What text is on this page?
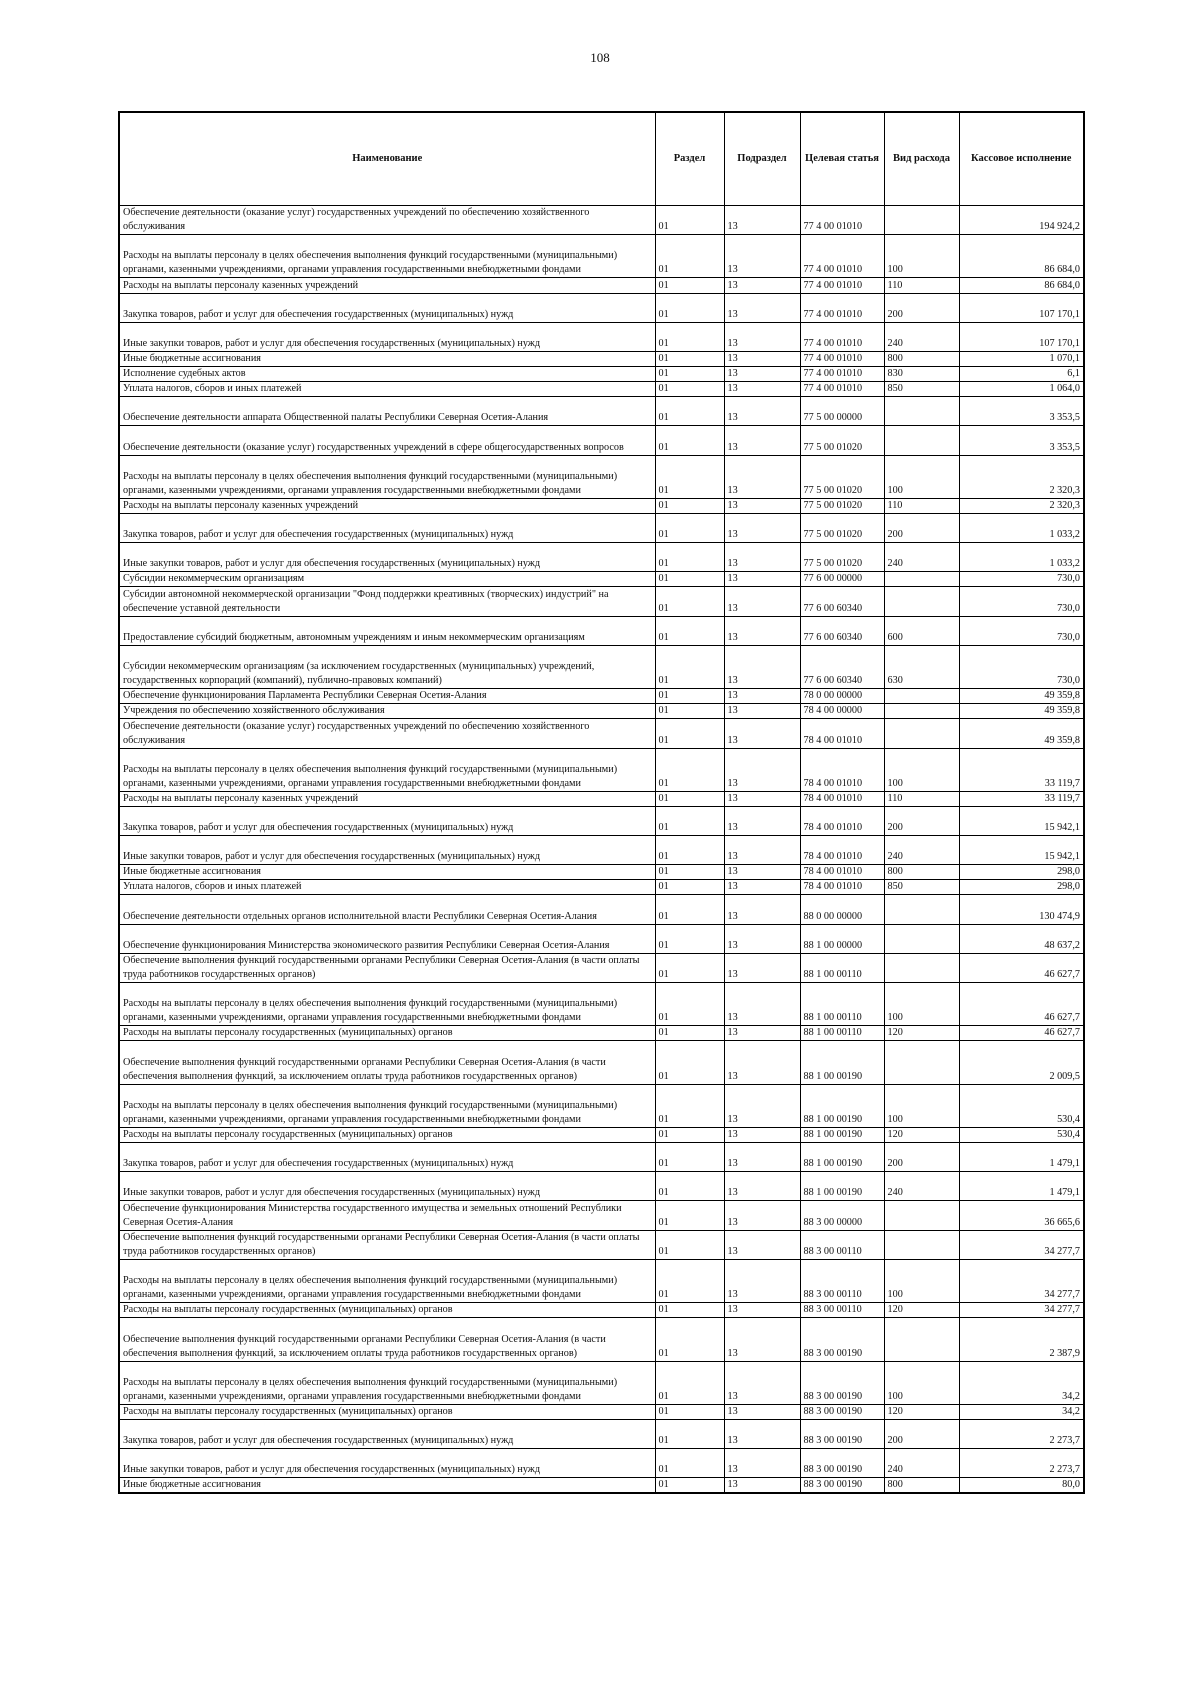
108
Наименование	Раздел	Подраздел	Целевая статья	Вид расхода	Кассовое исполнение
Обеспечение деятельности (оказание услуг) государственных учреждений по обеспечению хозяйственного обслуживания	01	13	77 4 00 01010		194 924,2
Расходы на выплаты персоналу в целях обеспечения выполнения функций государственными (муниципальными) органами, казенными учреждениями, органами управления государственными внебюджетными фондами	01	13	77 4 00 01010	100	86 684,0
Расходы на выплаты персоналу казенных учреждений	01	13	77 4 00 01010	110	86 684,0
Закупка товаров, работ и услуг для обеспечения государственных (муниципальных) нужд	01	13	77 4 00 01010	200	107 170,1
Иные закупки товаров, работ и услуг для обеспечения государственных (муниципальных) нужд	01	13	77 4 00 01010	240	107 170,1
Иные бюджетные ассигнования	01	13	77 4 00 01010	800	1 070,1
Исполнение судебных актов	01	13	77 4 00 01010	830	6,1
Уплата налогов, сборов и иных платежей	01	13	77 4 00 01010	850	1 064,0
Обеспечение деятельности аппарата Общественной палаты Республики Северная Осетия-Алания	01	13	77 5 00 00000		3 353,5
Обеспечение деятельности (оказание услуг) государственных учреждений в сфере общегосударственных вопросов	01	13	77 5 00 01020		3 353,5
Расходы на выплаты персоналу в целях обеспечения выполнения функций государственными (муниципальными) органами, казенными учреждениями, органами управления государственными внебюджетными фондами	01	13	77 5 00 01020	100	2 320,3
Расходы на выплаты персоналу казенных учреждений	01	13	77 5 00 01020	110	2 320,3
Закупка товаров, работ и услуг для обеспечения государственных (муниципальных) нужд	01	13	77 5 00 01020	200	1 033,2
Иные закупки товаров, работ и услуг для обеспечения государственных (муниципальных) нужд	01	13	77 5 00 01020	240	1 033,2
Субсидии некоммерческим организациям	01	13	77 6 00 00000		730,0
Субсидии автономной некоммерческой организации "Фонд поддержки креативных (творческих) индустрий" на обеспечение уставной деятельности	01	13	77 6 00 60340		730,0
Предоставление субсидий бюджетным, автономным учреждениям и иным некоммерческим организациям	01	13	77 6 00 60340	600	730,0
Субсидии некоммерческим организациям (за исключением государственных (муниципальных) учреждений, государственных корпораций (компаний), публично-правовых компаний)	01	13	77 6 00 60340	630	730,0
Обеспечение функционирования Парламента Республики Северная Осетия-Алания	01	13	78 0 00 00000		49 359,8
Учреждения по обеспечению хозяйственного обслуживания	01	13	78 4 00 00000		49 359,8
Обеспечение деятельности (оказание услуг) государственных учреждений по обеспечению хозяйственного обслуживания	01	13	78 4 00 01010		49 359,8
Расходы на выплаты персоналу в целях обеспечения выполнения функций государственными (муниципальными) органами, казенными учреждениями, органами управления государственными внебюджетными фондами	01	13	78 4 00 01010	100	33 119,7
Расходы на выплаты персоналу казенных учреждений	01	13	78 4 00 01010	110	33 119,7
Закупка товаров, работ и услуг для обеспечения государственных (муниципальных) нужд	01	13	78 4 00 01010	200	15 942,1
Иные закупки товаров, работ и услуг для обеспечения государственных (муниципальных) нужд	01	13	78 4 00 01010	240	15 942,1
Иные бюджетные ассигнования	01	13	78 4 00 01010	800	298,0
Уплата налогов, сборов и иных платежей	01	13	78 4 00 01010	850	298,0
Обеспечение деятельности отдельных органов исполнительной власти Республики Северная Осетия-Алания	01	13	88 0 00 00000		130 474,9
Обеспечение функционирования Министерства экономического развития Республики Северная Осетия-Алания	01	13	88 1 00 00000		48 637,2
Обеспечение выполнения функций государственными органами Республики Северная Осетия-Алания (в части оплаты труда работников государственных органов)	01	13	88 1 00 00110		46 627,7
Расходы на выплаты персоналу в целях обеспечения выполнения функций государственными (муниципальными) органами, казенными учреждениями, органами управления государственными внебюджетными фондами	01	13	88 1 00 00110	100	46 627,7
Расходы на выплаты персоналу государственных (муниципальных) органов	01	13	88 1 00 00110	120	46 627,7
Обеспечение выполнения функций государственными органами Республики Северная Осетия-Алания (в части обеспечения выполнения функций, за исключением оплаты труда работников государственных органов)	01	13	88 1 00 00190		2 009,5
Расходы на выплаты персоналу в целях обеспечения выполнения функций государственными (муниципальными) органами, казенными учреждениями, органами управления государственными внебюджетными фондами	01	13	88 1 00 00190	100	530,4
Расходы на выплаты персоналу государственных (муниципальных) органов	01	13	88 1 00 00190	120	530,4
Закупка товаров, работ и услуг для обеспечения государственных (муниципальных) нужд	01	13	88 1 00 00190	200	1 479,1
Иные закупки товаров, работ и услуг для обеспечения государственных (муниципальных) нужд	01	13	88 1 00 00190	240	1 479,1
Обеспечение функционирования Министерства государственного имущества и земельных отношений Республики Северная Осетия-Алания	01	13	88 3 00 00000		36 665,6
Обеспечение выполнения функций государственными органами Республики Северная Осетия-Алания (в части оплаты труда работников государственных органов)	01	13	88 3 00 00110		34 277,7
Расходы на выплаты персоналу в целях обеспечения выполнения функций государственными (муниципальными) органами, казенными учреждениями, органами управления государственными внебюджетными фондами	01	13	88 3 00 00110	100	34 277,7
Расходы на выплаты персоналу государственных (муниципальных) органов	01	13	88 3 00 00110	120	34 277,7
Обеспечение выполнения функций государственными органами Республики Северная Осетия-Алания (в части обеспечения выполнения функций, за исключением оплаты труда работников государственных органов)	01	13	88 3 00 00190		2 387,9
Расходы на выплаты персоналу в целях обеспечения выполнения функций государственными (муниципальными) органами, казенными учреждениями, органами управления государственными внебюджетными фондами	01	13	88 3 00 00190	100	34,2
Расходы на выплаты персоналу государственных (муниципальных) органов	01	13	88 3 00 00190	120	34,2
Закупка товаров, работ и услуг для обеспечения государственных (муниципальных) нужд	01	13	88 3 00 00190	200	2 273,7
Иные закупки товаров, работ и услуг для обеспечения государственных (муниципальных) нужд	01	13	88 3 00 00190	240	2 273,7
Иные бюджетные ассигнования	01	13	88 3 00 00190	800	80,0
